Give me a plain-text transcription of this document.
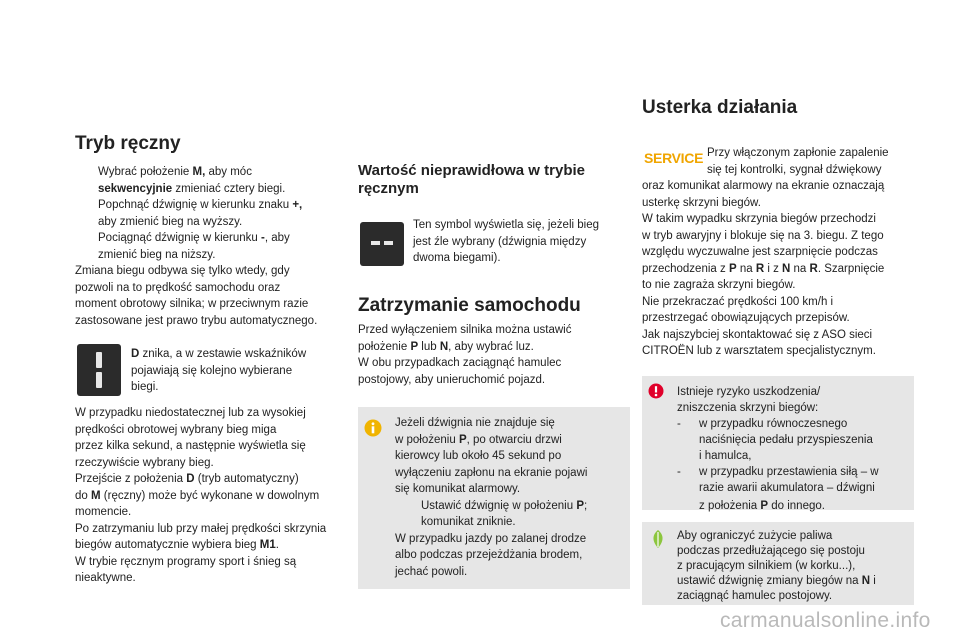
Tryb ręczny
Wybrać położenie M, aby móc
sekwencyjnie zmieniać cztery biegi.
Popchnąć dźwignię w kierunku znaku +,
aby zmienić bieg na wyższy.
Pociągnąć dźwignię w kierunku -, aby
zmienić bieg na niższy.
Zmiana biegu odbywa się tylko wtedy, gdy
pozwoli na to prędkość samochodu oraz
moment obrotowy silnika; w przeciwnym razie
zastosowane jest prawo trybu automatycznego.
D znika, a w zestawie wskaźników
pojawiają się kolejno wybierane
biegi.
W przypadku niedostatecznej lub za wysokiej
prędkości obrotowej wybrany bieg miga
przez kilka sekund, a następnie wyświetla się
rzeczywiście wybrany bieg.
Przejście z położenia D (tryb automatyczny)
do M (ręczny) może być wykonane w dowolnym
momencie.
Po zatrzymaniu lub przy małej prędkości skrzynia
biegów automatycznie wybiera bieg M1.
W trybie ręcznym programy sport i śnieg są
nieaktywne.
Wartość nieprawidłowa w trybie
ręcznym
Ten symbol wyświetla się, jeżeli bieg
jest źle wybrany (dźwignia między
dwoma biegami).
Zatrzymanie samochodu
Przed wyłączeniem silnika można ustawić
położenie P lub N, aby wybrać luz.
W obu przypadkach zaciągnąć hamulec
postojowy, aby unieruchomić pojazd.
Jeżeli dźwignia nie znajduje się
w położeniu P, po otwarciu drzwi
kierowcy lub około 45 sekund po
wyłączeniu zapłonu na ekranie pojawi
się komunikat alarmowy.

Ustawić dźwignię w położeniu P;
komunikat zniknie.
W przypadku jazdy po zalanej drodze
albo podczas przejeżdżania brodem,
jechać powoli.
Usterka działania
SERVICE Przy włączonym zapłonie zapalenie
się tej kontrolki, sygnał dźwiękowy
oraz komunikat alarmowy na ekranie oznaczają
usterkę skrzyni biegów.
W takim wypadku skrzynia biegów przechodzi
w tryb awaryjny i blokuje się na 3. biegu. Z tego
względu wyczuwalne jest szarpnięcie podczas
przechodzenia z P na R i z N na R. Szarpnięcie
to nie zagraża skrzyni biegów.
Nie przekraczać prędkości 100 km/h i
przestrzegać obowiązujących przepisów.
Jak najszybciej skontaktować się z ASO sieci
CITROËN lub z warsztatem specjalistycznym.
Istnieje ryzyko uszkodzenia/
zniszczenia skrzyni biegów:
- w przypadku równoczesnego
naciśnięcia pedału przyspieszenia
i hamulca,
- w przypadku przestawienia siłą – w
razie awarii akumulatora – dźwigni
z położenia P do innego.
Aby ograniczyć zużycie paliwa
podczas przedłużającego się postoju
z pracującym silnikiem (w korku...),
ustawić dźwignię zmiany biegów na N i
zaciągnąć hamulec postojowy.
carmanualsonline.info
